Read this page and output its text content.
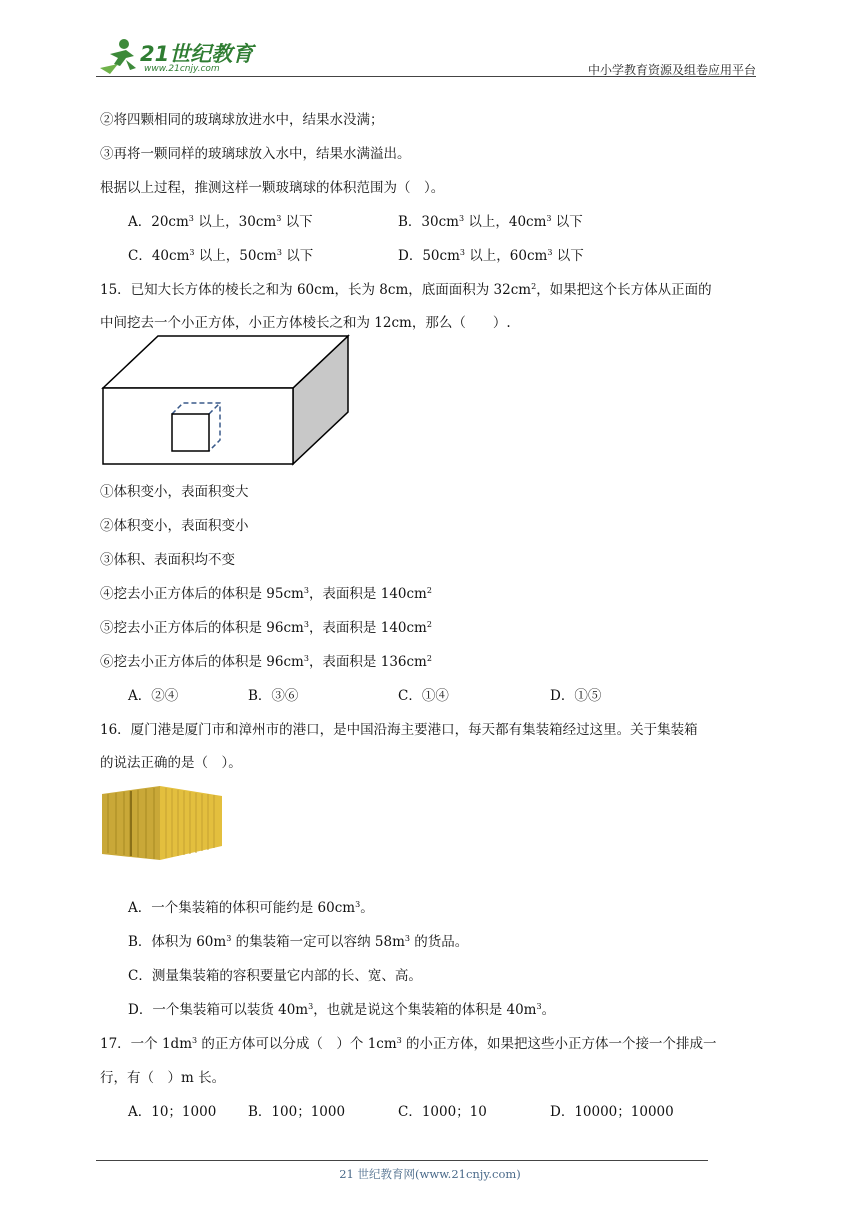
21世纪教育
www.21cnjy.com	中小学教育资源及组卷应用平台
②将四颗相同的玻璃球放进水中，结果水没满；
③再将一颗同样的玻璃球放入水中，结果水满溢出。
根据以上过程，推测这样一颗玻璃球的体积范围为（　）。
A．$20cm^3$ 以上，$30cm^3$ 以下	B．$30cm^3$ 以上，$40cm^3$ 以下
C．$40cm^3$ 以上，$50cm^3$ 以下	D．$50cm^3$ 以上，$60cm^3$ 以下
15．已知大长方体的棱长之和为 60cm，长为 8cm，底面面积为 $32cm^2$，如果把这个长方体从正面的
中间挖去一个小正方体，小正方体棱长之和为 12cm，那么（　　）.
①体积变小，表面积变大
②体积变小，表面积变小
③体积、表面积均不变
④挖去小正方体后的体积是 $95cm^3$，表面积是 $140cm^2$
⑤挖去小正方体后的体积是 $96cm^3$，表面积是 $140cm^2$
⑥挖去小正方体后的体积是 $96cm^3$，表面积是 $136cm^2$
A．②④	B．③⑥	C．①④	D．①⑤
16．厦门港是厦门市和漳州市的港口，是中国沿海主要港口，每天都有集装箱经过这里。关于集装箱
的说法正确的是（　）。
A．一个集装箱的体积可能约是 $60cm^3$。
B．体积为 $60m^3$ 的集装箱一定可以容纳 $58m^3$ 的货品。
C．测量集装箱的容积要量它内部的长、宽、高。
D．一个集装箱可以装货 $40m^3$，也就是说这个集装箱的体积是 $40m^3$。
17．一个 $1dm^3$ 的正方体可以分成（　）个 $1cm^3$ 的小正方体，如果把这些小正方体一个接一个排成一
行，有（　）m 长。
A．10；1000 B．100；1000	C．1000；10	D．10000；10000
21 世纪教育网(www.21cnjy.com)
